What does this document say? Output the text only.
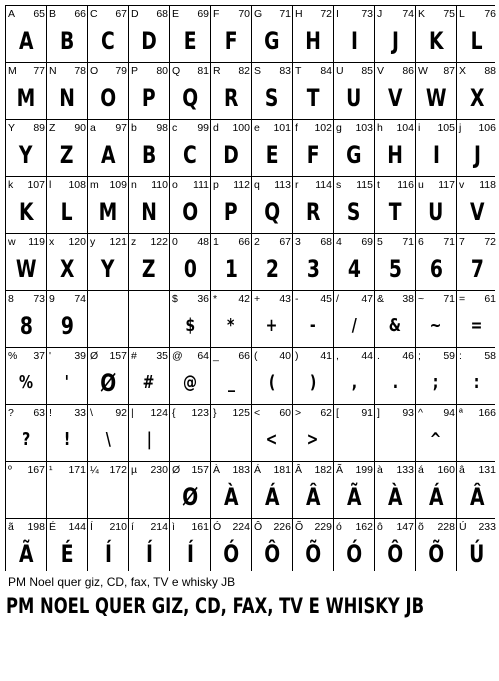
A 65
A
B 66
B
C 67
C
D 68
D
E 69
E
F 70
F
G 71
G
H 72
H
I 73
I
J 74
J
K 75
K
L 76
L
M 77
M
N 78
N
O 79
O
P 80
P
Q 81
Q
R 82
R
S 83
S
T 84
T
U 85
U
V 86
V
W 87
W
X 88
X
Y 89
Y
Z 90
Z
a 97
A
b 98
B
c 99
C
d 100
D
e 101
E
f 102
F
g 103
G
h 104
H
i 105
I
j 106
J
k 107
K
l 108
L
m 109
M
n 110
N
o 111
O
p 112
P
q 113
Q
r 114
R
s 115
S
t 116
T
u 117
U
v 118
V
w 119
W
x 120
X
y 121
Y
z 122
Z
0 48
0
1 66
1
2 67
2
3 68
3
4 69
4
5 71
5
6 71
6
7 72
7
8 73
8
9 74
9
$ 36
$
* 42
*
+ 43
+
- 45
-
/ 47
/
& 38
&
~ 71
~
= 61
=
% 37
%
' 39
'
Ø 157
Ø
# 35
#
@ 64
@
_ 66
_
( 40
(
) 41
)
, 44
,
. 46
.
; 59
;
: 58
:
? 63
?
! 33
!
\ 92
\
| 124
|
{ 123 } 125 < 60
<
> 62
>
[ 91 ] 93 ^ 94
^
ª 166
º 167 ¹ 171 ¼ 172 µ 230 Ø 157
Ø
À 183
À
Á 181
Á
Â 182
Â
Ã 199
Ã
à 133
À
á 160
Á
â 131
Â
ã 198
Ã
É 144
É
Í 210
Í
í 214
Í
ì 161
Í
Ó 224
Ó
Ô 226
Ô
Õ 229
Õ
ó 162
Ó
ô 147
Ô
õ 228
Õ
Ú 233
Ú
PM Noel quer giz, CD, fax, TV e whisky JB
PM NOEL QUER GIZ, CD, FAX, TV E WHISKY JB
